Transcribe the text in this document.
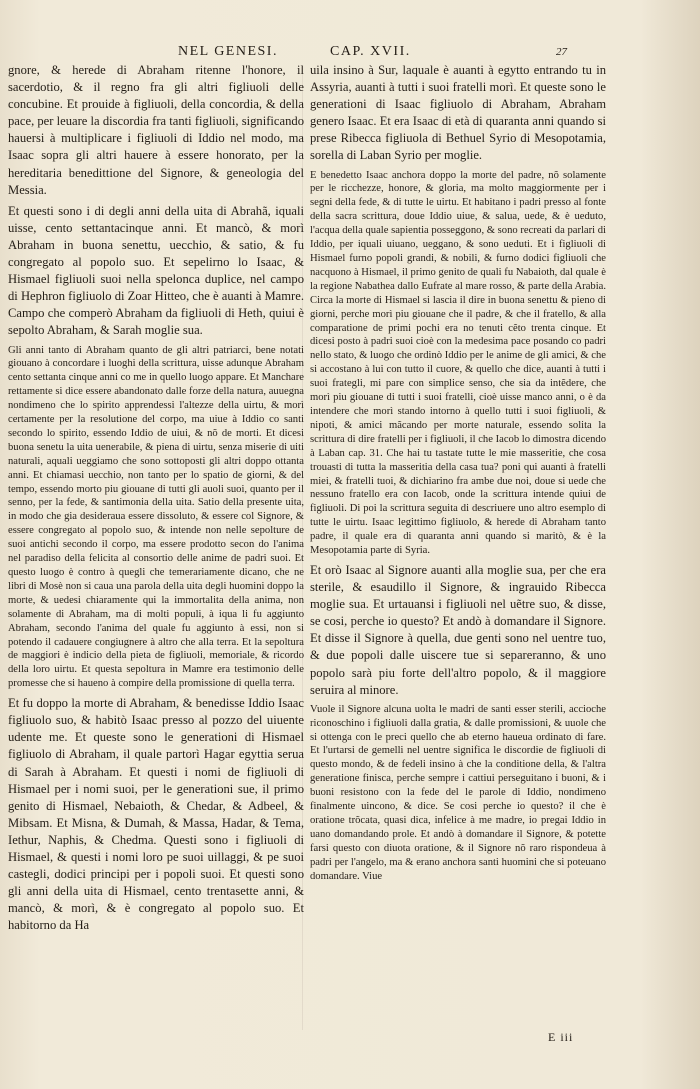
NEL GENESI.	CAP. XVII.	27

gnore, & herede di Abraham ritenne l'honore, il sacerdotio, & il regno fra gli altri figliuoli delle concubine. Et prouide à figliuoli, della concordia, & della pace, per leuare la discordia fra tanti figliuoli, significando hauersi à multiplicare i figliuoli di Iddio nel modo, ma Isaac sopra gli altri hauere à essere honorato, per la hereditaria benedittione del Signore, & geneologia del Messia.

Et questi sono i di degli anni della uita di Abrahã, iquali uisse, cento settantacinque anni. Et mancò, & morì Abraham in buona senettu, uecchio, & satio, & fu congregato al popolo suo. Et sepelirno lo Isaac, & Hismael figliuoli suoi nella spelonca duplice, nel campo di Hephron figliuolo di Zoar Hitteo, che è auanti à Mamre. Campo che comperò Abraham da figliuoli di Heth, quiui è sepolto Abraham, & Sarah moglie sua.

Gli anni tanto di Abraham quanto de gli altri patriarci, bene notati giouano à concordare i luoghi della scrittura, uisse adunque Abraham cento settanta cinque anni co me in quello luogo appare. Et Manchare rettamente si dice essere abandonato dalle forze della natura, auuegna nondimeno che lo spirito apprendessi l'altezze della uirtu, & morì certamente per la resolutione del corpo, ma uiue à Iddio co santi secondo lo spirito, essendo Iddio de uiui, & nõ de morti. Et dicesi buona senetu la uita uenerabile, & piena di uirtu, senza miserie di uiti naturali, aquali ueggiamo che sono sottoposti gli altri doppo ottanta anni. Et chiamasi uecchio, non tanto per lo spatio de giorni, & del tempo, essendo morto piu giouane di tutti gli auoli suoi, quanto per il senno, per la fede, & santimonia della uita. Satio della presente uita, in modo che gia desideraua essere dissoluto, & essere col Signore, & essere congregato al popolo suo, & intende non nelle sepolture de suoi antichi secondo il corpo, ma essere prodotto secon do l'anima nel paradiso della felicita al consortio delle anime de padri suoi. Et questo luogo è contro à quegli che temerariamente dicano, che ne libri di Mosè non si caua una parola della uita degli huomini doppo la morte, & uedesi chiaramente qui la immortalita della anima, non solamente di Abraham, ma di molti populi, à iqua li fu aggiunto Abraham, secondo l'anima del quale fu aggiunto à essi, non si potendo il cadauere congiugnere à altro che alla terra. Et la sepoltura de maggiori è indicio della pieta de figliuoli, memoriale, & ricordo della loro uirtu. Et questa sepoltura in Mamre era testimonio delle promesse che si haueno à compire della promissione di quella terra.

Et fu doppo la morte di Abraham, & benedisse Iddio Isaac figliuolo suo, & habitò Isaac presso al pozzo del uiuente udente me. Et queste sono le generationi di Hismael figliuolo di Abraham, il quale partorì Hagar egyttia serua di Sarah à Abraham. Et questi i nomi de figliuoli di Hismael per i nomi suoi, per le generationi sue, il primo genito di Hismael, Nebaioth, & Chedar, & Adbeel, & Mibsam. Et Misna, & Dumah, & Massa, Hadar, & Tema, Iethur, Naphis, & Chedma. Questi sono i figliuoli di Hismael, & questi i nomi loro pe suoi uillaggi, & pe suoi castegli, dodici principi per i popoli suoi. Et questi sono gli anni della uita di Hismael, cento trentasette anni, & mancò, & morì, & è congregato al popolo suo. Et habitorno da Ha

uila insino à Sur, laquale è auanti à egytto entrando tu in Assyria, auanti à tutti i suoi fratelli morì. Et queste sono le generationi di Isaac figliuolo di Abraham, Abraham genero Isaac. Et era Isaac di età di quaranta anni quando si prese Ribecca figliuola di Bethuel Syrio di Mesopotamia, sorella di Laban Syrio per moglie.

E benedetto Isaac anchora doppo la morte del padre, nõ solamente per le ricchezze, honore, & gloria, ma molto maggiormente per i segni della fede, & di tutte le uirtu. Et habitano i padri presso al fonte della sacra scrittura, doue Iddio uiue, & salua, uede, & è ueduto, l'acqua della quale sapientia posseggono, & sono recreati da parlari di Iddio, per iquali uiuano, ueggano, & sono ueduti. Et i figliuoli di Hismael furno popoli grandi, & nobili, & furno dodici figliuoli che nacquono à Hismael, il primo genito de quali fu Nabaioth, dal quale è la regione Nabathea dallo Eufrate al mare rosso, & parte della Arabia. Circa la morte di Hismael si lascia il dire in buona senettu & pieno di giorni, perche morì piu giouane che il padre, & che il fratello, & alla comparatione de primi pochi era no tenuti cẽto trenta cinque. Et dicesi posto à padri suoi cioè con la medesima pace posando co padri nello stato, & luogo che ordinò Iddio per le anime de gli amici, & che si accostano à lui con tutto il cuore, & quello che dice, auanti à tutti i suoi frategli, mi pare con simplice senso, che sia da intẽdere, che morì piu giouane di tutti i suoi fratelli, cioè uisse manco anni, o è da intendere che morì stando intorno à quello tutti i suoi figliuoli, & nipoti, & amici mãcando per morte naturale, essendo solita la scrittura di dire fratelli per i figliuoli, il che Iacob lo dimostra dicendo à Laban cap. 31. Che hai tu tastate tutte le mie masseritie, che cosa trouasti di tutta la masseritia della casa tua? poni qui auanti à fratelli miei, & fratelli tuoi, & dichiarino fra ambe due noi, doue si uede che nessuno fratello era con Iacob, onde la scrittura intende quiui de figliuoli. Di poi la scrittura seguita di descriuere uno altro esemplo di tutte le uirtu. Isaac legittimo figliuolo, & herede di Abraham tanto padre, il quale era di quaranta anni quando si maritò, & è la Mesopotamia parte di Syria.

Et orò Isaac al Signore auanti alla moglie sua, per che era sterile, & esaudillo il Signore, & ingrauido Ribecca moglie sua. Et urtauansi i figliuoli nel uẽtre suo, & disse, se cosi, perche io questo? Et andò à domandare il Signore. Et disse il Signore à quella, due genti sono nel uentre tuo, & due popoli dalle uiscere tue si separeranno, & uno popolo sarà piu forte dell'altro popolo, & il maggiore seruira al minore.

Vuole il Signore alcuna uolta le madri de santi esser sterili, accioche riconoschino i figliuoli dalla gratia, & dalle promissioni, & uuole che si ottenga con le preci quello che ab eterno haueua ordinato di fare. Et l'urtarsi de gemelli nel uentre significa le discordie de figliuoli di questo mondo, & de fedeli insino à che la conditione della, & l'altra generatione finisca, perche sempre i cattiui perseguitano i buoni, & i buoni resistono con la fede del le parole di Iddio, nondimeno finalmente uincono, & dice. Se cosi perche io questo? il che è oratione trõcata, quasi dica, infelice à me madre, io pregai Iddio in uano domandando prole. Et andò à domandare il Signore, & potette farsi questo con diuota oratione, & il Signore nõ raro rispondeua à padri per l'angelo, ma & erano anchora santi huomini che si poteuano domandare. Viue

E iii
